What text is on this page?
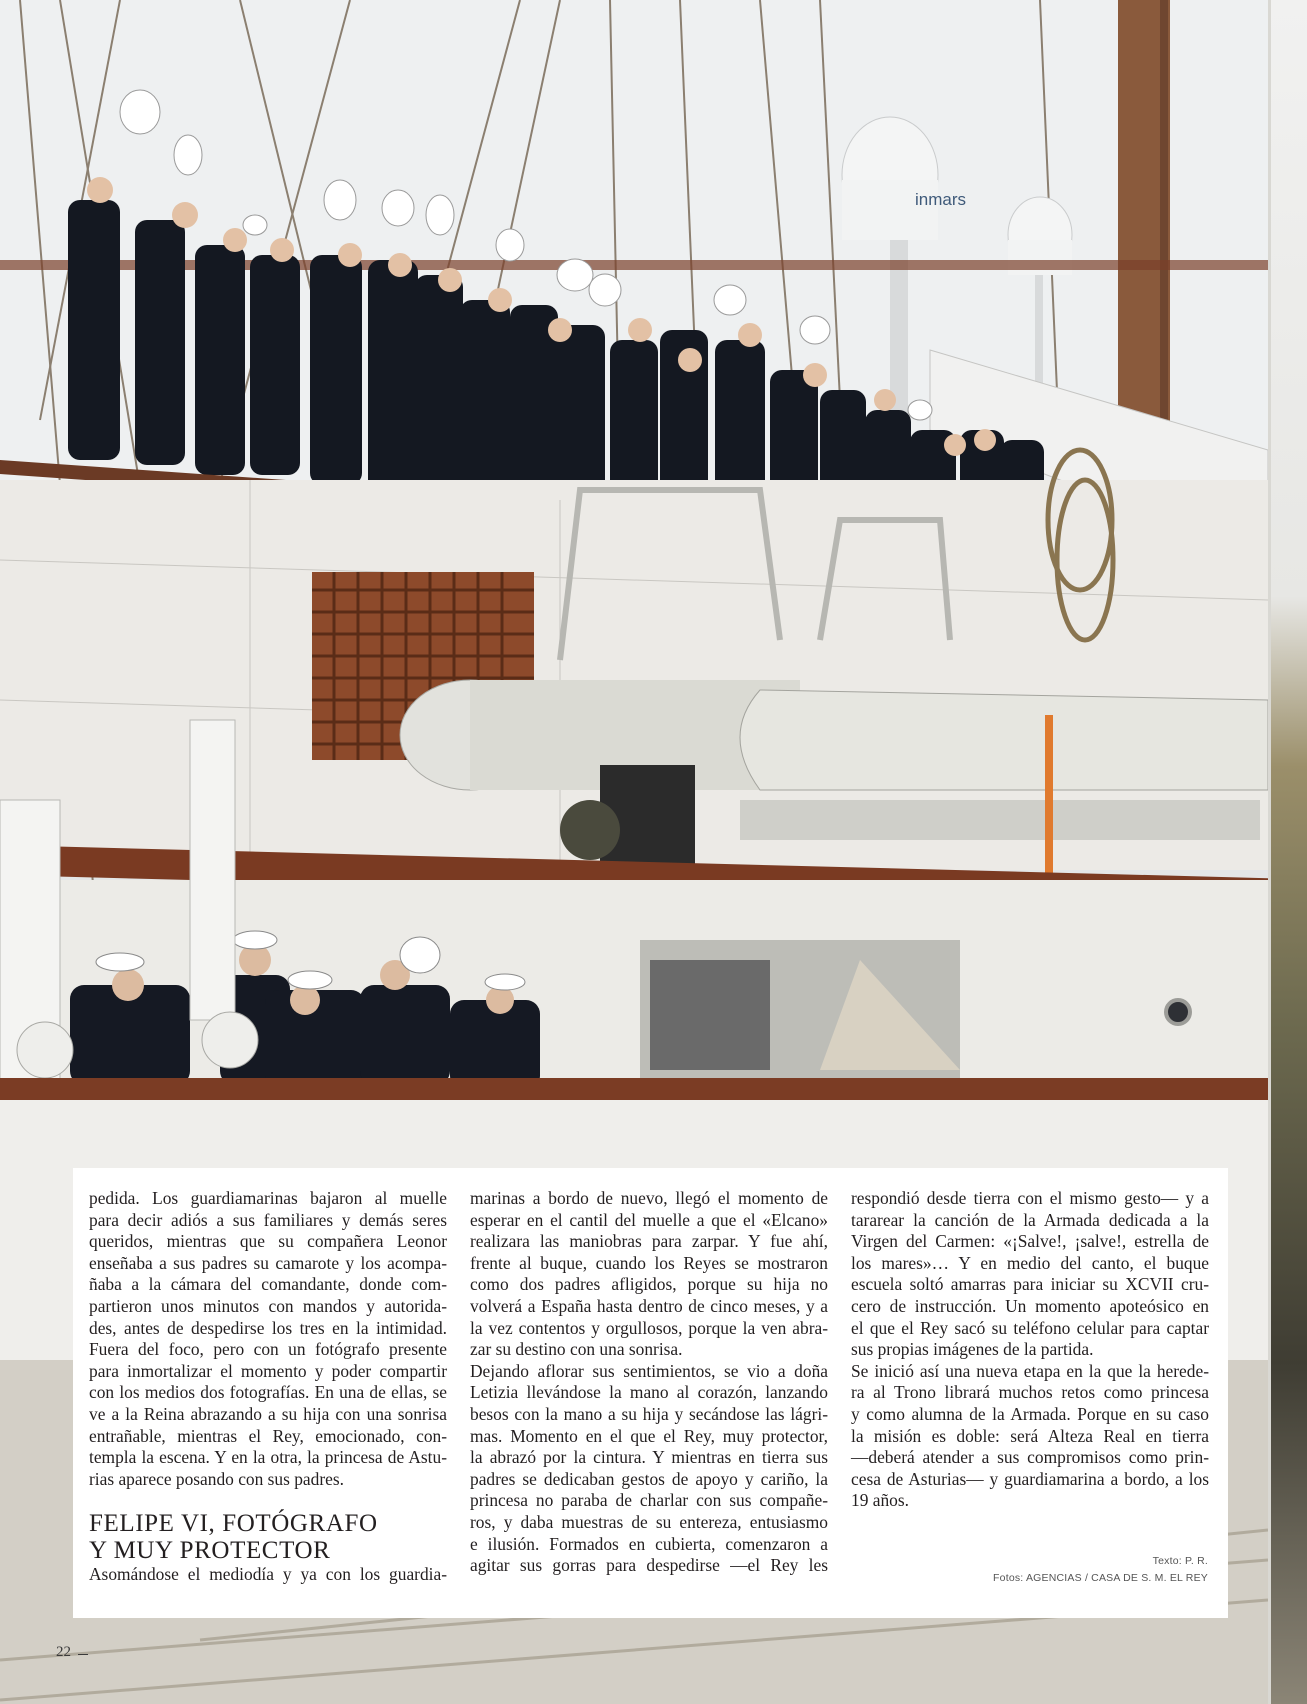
inmars

pedida. Los guardiamarinas bajaron al muelle

para decir adiós a sus familiares y demás seres

queridos, mientras que su compañera Leonor

enseñaba a sus padres su camarote y los acompa-

ñaba a la cámara del comandante, donde com-

partieron unos minutos con mandos y autorida-

des, antes de despedirse los tres en la intimidad.

Fuera del foco, pero con un fotógrafo presente

para inmortalizar el momento y poder compartir

con los medios dos fotografías. En una de ellas, se

ve a la Reina abrazando a su hija con una sonrisa

entrañable, mientras el Rey, emocionado, con-

templa la escena. Y en la otra, la princesa de Astu-

rias aparece posando con sus padres.

FELIPE VI, FOTÓGRAFO
Y MUY PROTECTOR

Asomándose el mediodía y ya con los guardia-

marinas a bordo de nuevo, llegó el momento de

esperar en el cantil del muelle a que el «Elcano»

realizara las maniobras para zarpar. Y fue ahí,

frente al buque, cuando los Reyes se mostraron

como dos padres afligidos, porque su hija no

volverá a España hasta dentro de cinco meses, y a

la vez contentos y orgullosos, porque la ven abra-

zar su destino con una sonrisa.

Dejando aflorar sus sentimientos, se vio a doña

Letizia llevándose la mano al corazón, lanzando

besos con la mano a su hija y secándose las lágri-

mas. Momento en el que el Rey, muy protector,

la abrazó por la cintura. Y mientras en tierra sus

padres se dedicaban gestos de apoyo y cariño, la

princesa no paraba de charlar con sus compañe-

ros, y daba muestras de su entereza, entusiasmo

e ilusión. Formados en cubierta, comenzaron a

agitar sus gorras para despedirse —el Rey les

respondió desde tierra con el mismo gesto— y a

tararear la canción de la Armada dedicada a la

Virgen del Carmen: «¡Salve!, ¡salve!, estrella de

los mares»… Y en medio del canto, el buque

escuela soltó amarras para iniciar su XCVII cru-

cero de instrucción. Un momento apoteósico en

el que el Rey sacó su teléfono celular para captar

sus propias imágenes de la partida.

Se inició así una nueva etapa en la que la herede-

ra al Trono librará muchos retos como princesa

y como alumna de la Armada. Porque en su caso

la misión es doble: será Alteza Real en tierra

—deberá atender a sus compromisos como prin-

cesa de Asturias— y guardiamarina a bordo, a los

19 años.

Texto: P. R.
Fotos: AGENCIAS / CASA DE S. M. EL REY
22
